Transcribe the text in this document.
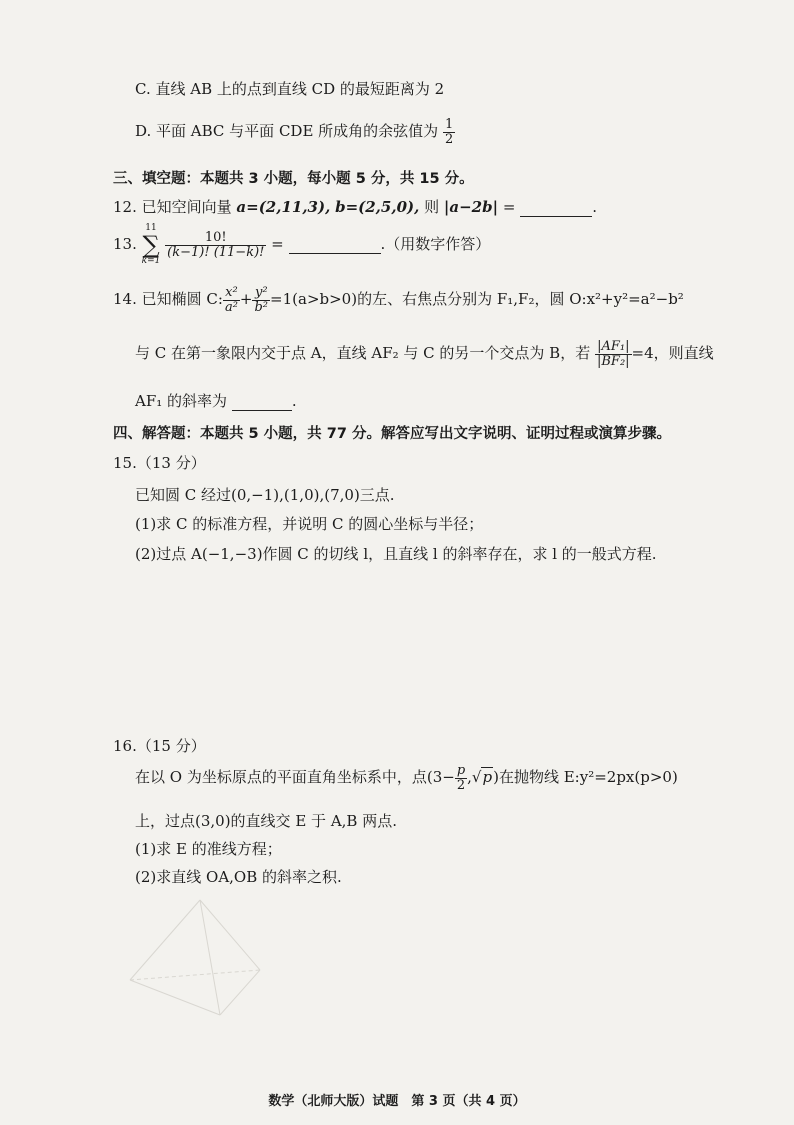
C. 直线 AB 上的点到直线 CD 的最短距离为 2
D. 平面 ABC 与平面 CDE 所成角的余弦值为 $\frac{1}{2}$
三、填空题：本题共 3 小题，每小题 5 分，共 15 分。
12. 已知空间向量 a=(2,11,3), b=(2,5,0), 则 |a−2b| =	.
13.
11
∑
k=1

$\frac{10!}{(k-1)! (11-k)!}$ =	.（用数字作答）
14. 已知椭圆 C: $\frac{\text{x²}}{\text{a²}} + \frac{\text{y²}}{\text{b²}} =1(a>b>0)$的左、右焦点分别为 F₁,F₂，圆 O:x²+y²=a²−b²
与 C 在第一象限内交于点 A，直线 AF₂ 与 C 的另一个交点为 B，若 $\frac{\text{|AF₁|}}{\text{|BF₂|}} =4$，则直线
AF₁ 的斜率为	.
四、解答题：本题共 5 小题，共 77 分。解答应写出文字说明、证明过程或演算步骤。
15.（13 分）
已知圆 C 经过(0,−1),(1,0),(7,0)三点.
(1)求 C 的标准方程，并说明 C 的圆心坐标与半径；
(2)过点 A(−1,−3)作圆 C 的切线 l，且直线 l 的斜率存在，求 l 的一般式方程.
16.（15 分）
在以 O 为坐标原点的平面直角坐标系中，点$(3- \frac{p}{2} ,√p)$在抛物线 E:y²=2px(p>0)
上，过点(3,0)的直线交 E 于 A,B 两点.
(1)求 E 的准线方程；
(2)求直线 OA,OB 的斜率之积.
数学（北师大版）试题　第 3 页（共 4 页）
